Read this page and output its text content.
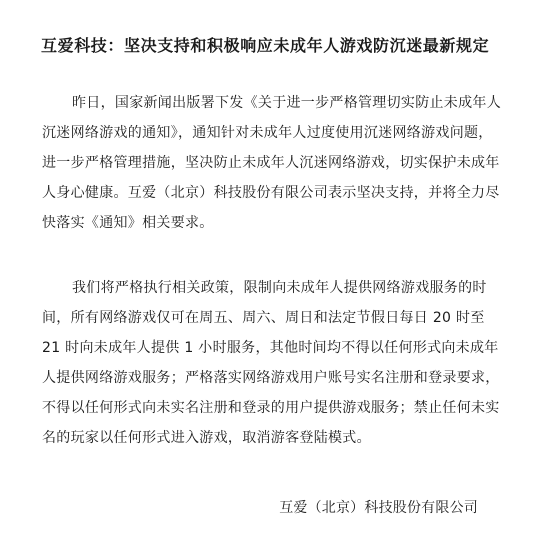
互爱科技：坚决支持和积极响应未成年人游戏防沉迷最新规定

昨日，国家新闻出版署下发《关于进一步严格管理切实防止未成年人沉迷网络游戏的通知》，通知针对未成年人过度使用沉迷网络游戏问题，进一步严格管理措施，坚决防止未成年人沉迷网络游戏，切实保护未成年人身心健康。互爱（北京）科技股份有限公司表示坚决支持，并将全力尽快落实《通知》相关要求。

我们将严格执行相关政策，限制向未成年人提供网络游戏服务的时间，所有网络游戏仅可在周五、周六、周日和法定节假日每日 20 时至 21 时向未成年人提供 1 小时服务，其他时间均不得以任何形式向未成年人提供网络游戏服务；严格落实网络游戏用户账号实名注册和登录要求，不得以任何形式向未实名注册和登录的用户提供游戏服务；禁止任何未实名的玩家以任何形式进入游戏，取消游客登陆模式。

互爱（北京）科技股份有限公司
